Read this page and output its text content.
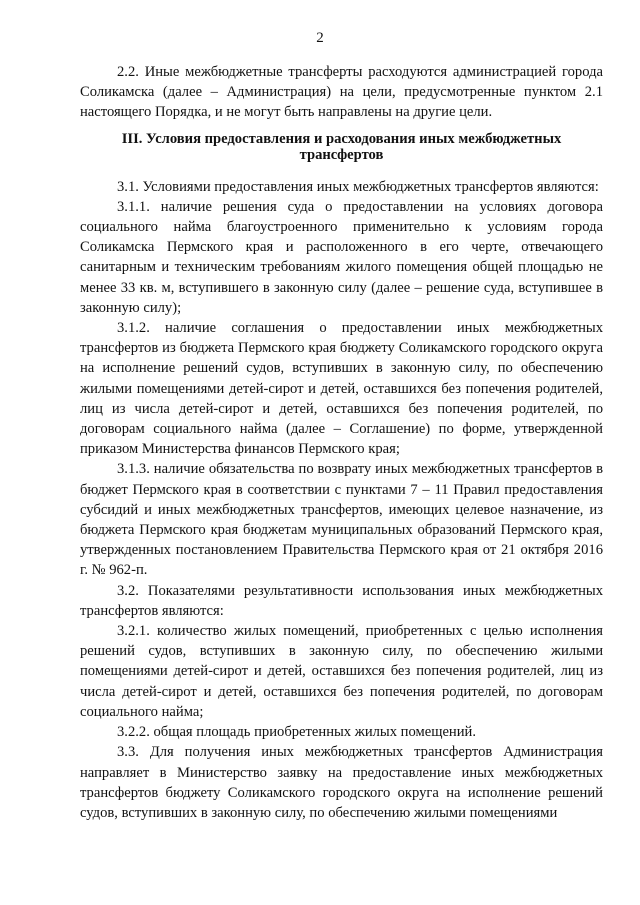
2

2.2. Иные межбюджетные трансферты расходуются администрацией города Соликамска (далее – Администрация) на цели, предусмотренные пунктом 2.1 настоящего Порядка, и не могут быть направлены на другие цели.

III. Условия предоставления и расходования иных межбюджетных трансфертов

3.1. Условиями предоставления иных межбюджетных трансфертов являются:

3.1.1. наличие решения суда о предоставлении на условиях договора социального найма благоустроенного применительно к условиям города Соликамска Пермского края и расположенного в его черте, отвечающего санитарным и техническим требованиям жилого помещения общей площадью не менее 33 кв. м, вступившего в законную силу (далее – решение суда, вступившее в законную силу);

3.1.2. наличие соглашения о предоставлении иных межбюджетных трансфертов из бюджета Пермского края бюджету Соликамского городского округа на исполнение решений судов, вступивших в законную силу, по обеспечению жилыми помещениями детей-сирот и детей, оставшихся без попечения родителей, лиц из числа детей-сирот и детей, оставшихся без попечения родителей, по договорам социального найма (далее – Соглашение) по форме, утвержденной приказом Министерства финансов Пермского края;

3.1.3. наличие обязательства по возврату иных межбюджетных трансфертов в бюджет Пермского края в соответствии с пунктами 7 – 11 Правил предоставления субсидий и иных межбюджетных трансфертов, имеющих целевое назначение, из бюджета Пермского края бюджетам муниципальных образований Пермского края, утвержденных постановлением Правительства Пермского края от 21 октября 2016 г. № 962-п.

3.2. Показателями результативности использования иных межбюджетных трансфертов являются:

3.2.1. количество жилых помещений, приобретенных с целью исполнения решений судов, вступивших в законную силу, по обеспечению жилыми помещениями детей-сирот и детей, оставшихся без попечения родителей, лиц из числа детей-сирот и детей, оставшихся без попечения родителей, по договорам социального найма;

3.2.2. общая площадь приобретенных жилых помещений.

3.3. Для получения иных межбюджетных трансфертов Администрация направляет в Министерство заявку на предоставление иных межбюджетных трансфертов бюджету Соликамского городского округа на исполнение решений судов, вступивших в законную силу, по обеспечению жилыми помещениями
